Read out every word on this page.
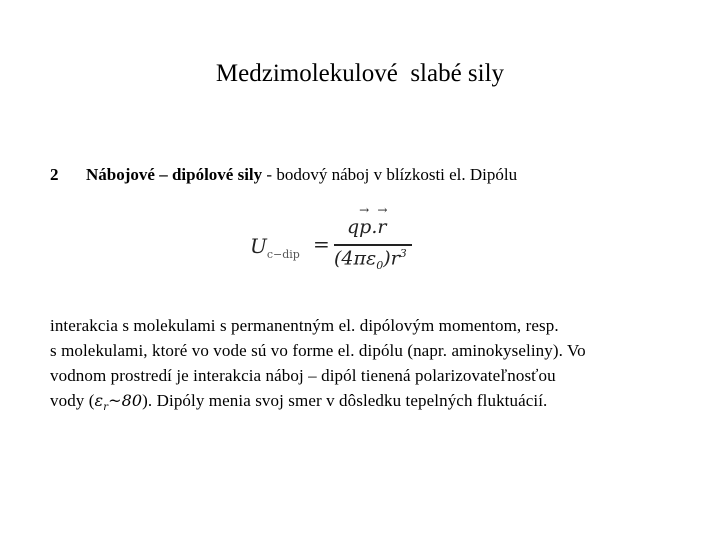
Medzimolekulové  slabé sily
2 Nábojové – dipólové sily - bodový náboj v blízkosti el. Dipólu
$U_{c-dip}$ =
q→ p.→ r
$(4\pi\varepsilon_0)r^3$
interakcia s molekulami s permanentným el. dipólovým momentom, resp.
s molekulami, ktoré vo vode sú vo forme el. dipólu (napr. aminokyseliny). Vo
vodnom prostredí je interakcia náboj – dipól tienená polarizovateľnosťou
vody $(\varepsilon_r\sim 80)$. Dipóly menia svoj smer v dôsledku tepelných fluktuácií.
